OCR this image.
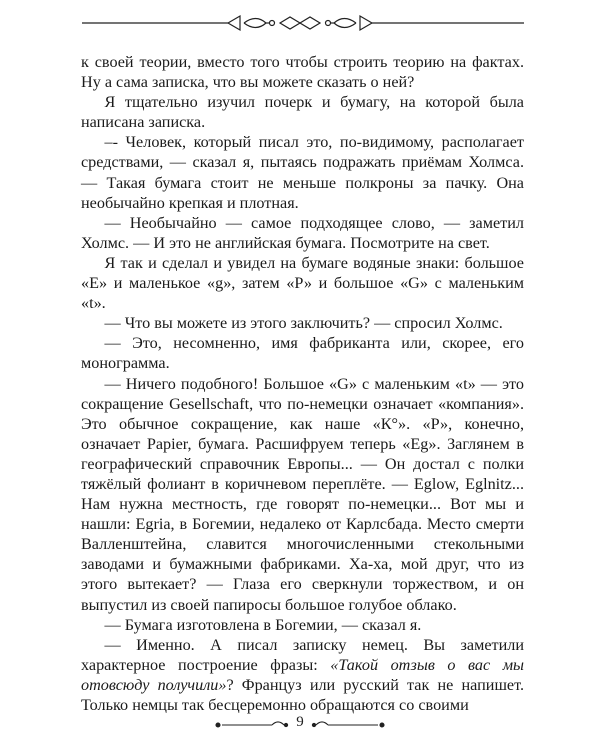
к своей теории, вместо того чтобы строить теорию на фактах. Ну а сама записка, что вы можете сказать о ней?

Я тщательно изучил почерк и бумагу, на которой была написана записка.

–- Человек, который писал это, по-видимому, располагает средствами, — сказал я, пытаясь подражать приёмам Холмса. — Такая бумага стоит не меньше полкроны за пачку. Она необычайно крепкая и плотная.

— Необычайно — самое подходящее слово, — заметил Холмс. — И это не английская бумага. Посмотрите на свет.

Я так и сделал и увидел на бумаге водяные знаки: большое «Е» и маленькое «g», затем «Р» и большое «G» с маленьким «t».

— Что вы можете из этого заключить? — спросил Холмс.

— Это, несомненно, имя фабриканта или, скорее, его монограмма.

— Ничего подобного! Большое «G» с маленьким «t» — это сокращение Gesellschaft, что по-немецки означает «компания». Это обычное сокращение, как наше «К°». «Р», конечно, означает Papier, бумага. Расшифруем теперь «Eg». Заглянем в географический справочник Европы... — Он достал с полки тяжёлый фолиант в коричневом переплёте. — Eglow, Eglnitz... Нам нужна местность, где говорят по-немецки... Вот мы и нашли: Egria, в Богемии, недалеко от Карлсбада. Место смерти Валленштейна, славится многочисленными стекольными заводами и бумажными фабриками. Ха-ха, мой друг, что из этого вытекает? — Глаза его сверкнули торжеством, и он выпустил из своей папиросы большое голубое облако.

— Бумага изготовлена в Богемии, — сказал я.

— Именно. А писал записку немец. Вы заметили характерное построение фразы: «Такой отзыв о вас мы отовсюду получили»? Француз или русский так не напишет. Только немцы так бесцеремонно обращаются со своими

9
